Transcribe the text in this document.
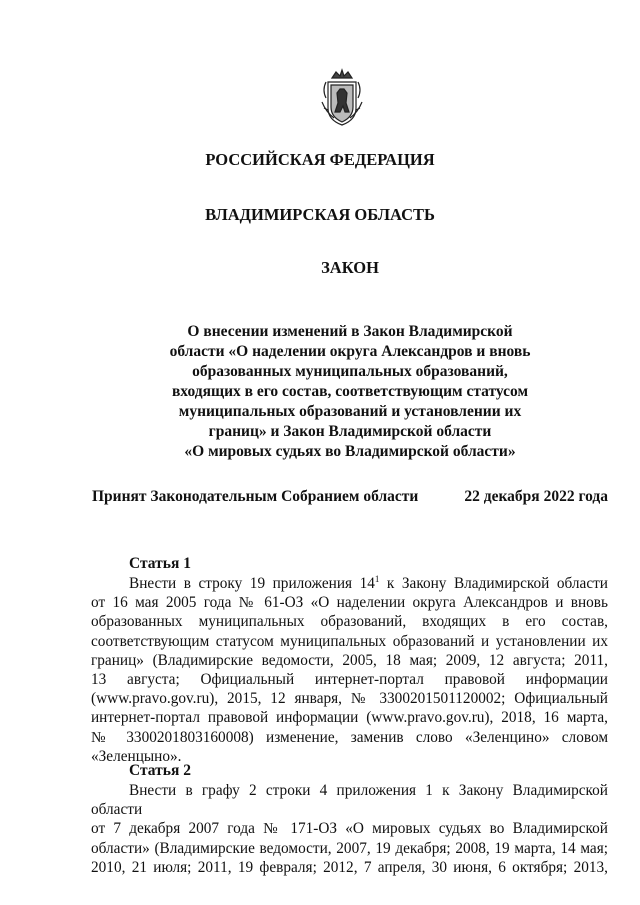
РОССИЙСКАЯ ФЕДЕРАЦИЯ
ВЛАДИМИРСКАЯ ОБЛАСТЬ
ЗАКОН
О внесении изменений в Закон Владимирской
области «О наделении округа Александров и вновь
образованных муниципальных образований,
входящих в его состав, соответствующим статусом
муниципальных образований и установлении их
границ» и Закон Владимирской области
«О мировых судьях во Владимирской области»
Принят Законодательным Собранием области	22 декабря 2022 года
Статья 1
Внести в строку 19 приложения $14^1$ к Закону Владимирской области
от 16 мая 2005 года № 61-ОЗ «О наделении округа Александров и вновь
образованных муниципальных образований, входящих в его состав,
соответствующим статусом муниципальных образований и установлении их
границ» (Владимирские ведомости, 2005, 18 мая; 2009, 12 августа; 2011,
13 августа; Официальный интернет-портал правовой информации
(www.pravo.gov.ru), 2015, 12 января, № 3300201501120002; Официальный
интернет-портал правовой информации (www.pravo.gov.ru), 2018, 16 марта,
№ 3300201803160008) изменение, заменив слово «Зеленцино» словом
«Зеленцыно».
Статья 2
Внести в графу 2 строки 4 приложения 1 к Закону Владимирской области
от 7 декабря 2007 года № 171-ОЗ «О мировых судьях во Владимирской
области» (Владимирские ведомости, 2007, 19 декабря; 2008, 19 марта, 14 мая;
2010, 21 июля; 2011, 19 февраля; 2012, 7 апреля, 30 июня, 6 октября; 2013,
